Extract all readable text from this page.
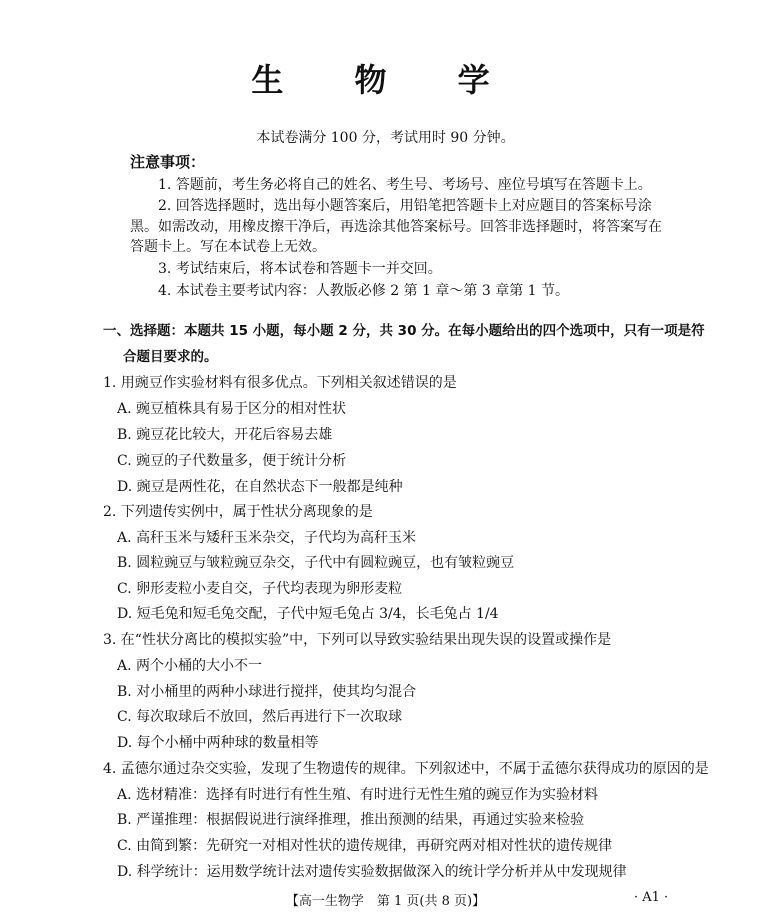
生 物 学
本试卷满分 100 分，考试用时 90 分钟。
注意事项：
1. 答题前，考生务必将自己的姓名、考生号、考场号、座位号填写在答题卡上。
2. 回答选择题时，选出每小题答案后，用铅笔把答题卡上对应题目的答案标号涂
黑。如需改动，用橡皮擦干净后，再选涂其他答案标号。回答非选择题时，将答案写在
答题卡上。写在本试卷上无效。
3. 考试结束后，将本试卷和答题卡一并交回。
4. 本试卷主要考试内容：人教版必修 2 第 1 章～第 3 章第 1 节。
一、选择题：本题共 15 小题，每小题 2 分，共 30 分。在每小题给出的四个选项中，只有一项是符
合题目要求的。
1. 用豌豆作实验材料有很多优点。下列相关叙述错误的是
A. 豌豆植株具有易于区分的相对性状
B. 豌豆花比较大，开花后容易去雄
C. 豌豆的子代数量多，便于统计分析
D. 豌豆是两性花，在自然状态下一般都是纯种
2. 下列遗传实例中，属于性状分离现象的是
A. 高秆玉米与矮秆玉米杂交，子代均为高秆玉米
B. 圆粒豌豆与皱粒豌豆杂交，子代中有圆粒豌豆，也有皱粒豌豆
C. 卵形麦粒小麦自交，子代均表现为卵形麦粒
D. 短毛兔和短毛兔交配，子代中短毛兔占 3/4，长毛兔占 1/4
3. 在“性状分离比的模拟实验”中，下列可以导致实验结果出现失误的设置或操作是
A. 两个小桶的大小不一
B. 对小桶里的两种小球进行搅拌，使其均匀混合
C. 每次取球后不放回，然后再进行下一次取球
D. 每个小桶中两种球的数量相等
4. 孟德尔通过杂交实验，发现了生物遗传的规律。下列叙述中，不属于孟德尔获得成功的原因的是
A. 选材精准：选择有时进行有性生殖、有时进行无性生殖的豌豆作为实验材料
B. 严谨推理：根据假说进行演绎推理，推出预测的结果，再通过实验来检验
C. 由简到繁：先研究一对相对性状的遗传规律，再研究两对相对性状的遗传规律
D. 科学统计：运用数学统计法对遗传实验数据做深入的统计学分析并从中发现规律
【高一生物学　第 1 页(共 8 页)】	· A1 ·
